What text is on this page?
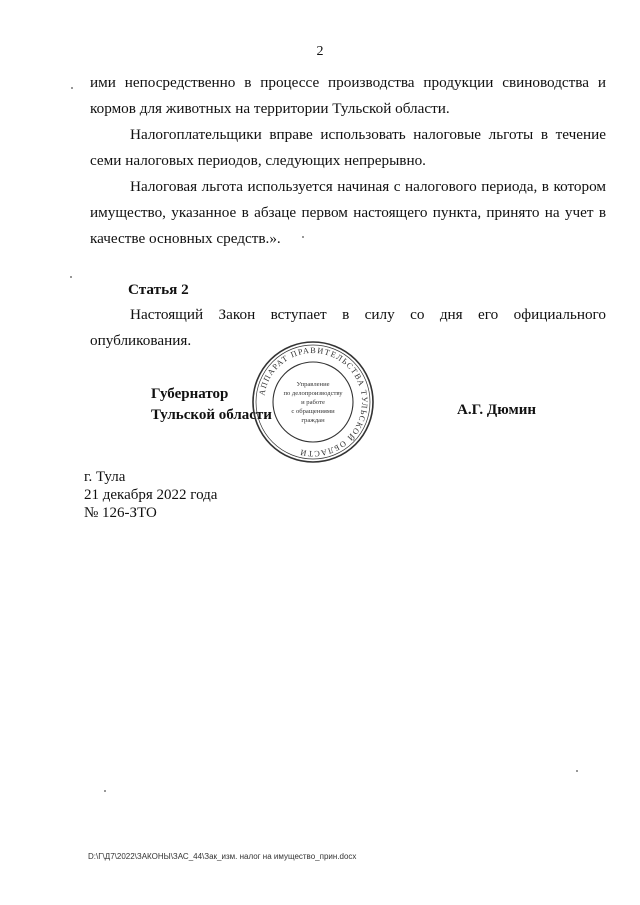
2
ими непосредственно в процессе производства продукции свиноводства и
кормов для животных на территории Тульской области.
Налогоплательщики вправе использовать налоговые льготы в течение
семи налоговых периодов, следующих непрерывно.
Налоговая льгота используется начиная с налогового периода, в котором
имущество, указанное в абзаце первом настоящего пункта, принято на учет в
качестве основных средств.».
Статья 2
Настоящий Закон вступает в силу со дня его официального
опубликования.
Губернатор
Тульской области	А.Г. Дюмин
АППАРАТ ПРАВИТЕЛЬСТВА ТУЛЬСКОЙ ОБЛАСТИ
Управление
по делопроизводству
и работе
с обращениями
граждан
г. Тула
21 декабря 2022 года
№ 126-ЗТО
D:\Г\Д7\2022\ЗАКОНЫ\ЗАС_44\Зак_изм. налог на имущество_прин.docx
